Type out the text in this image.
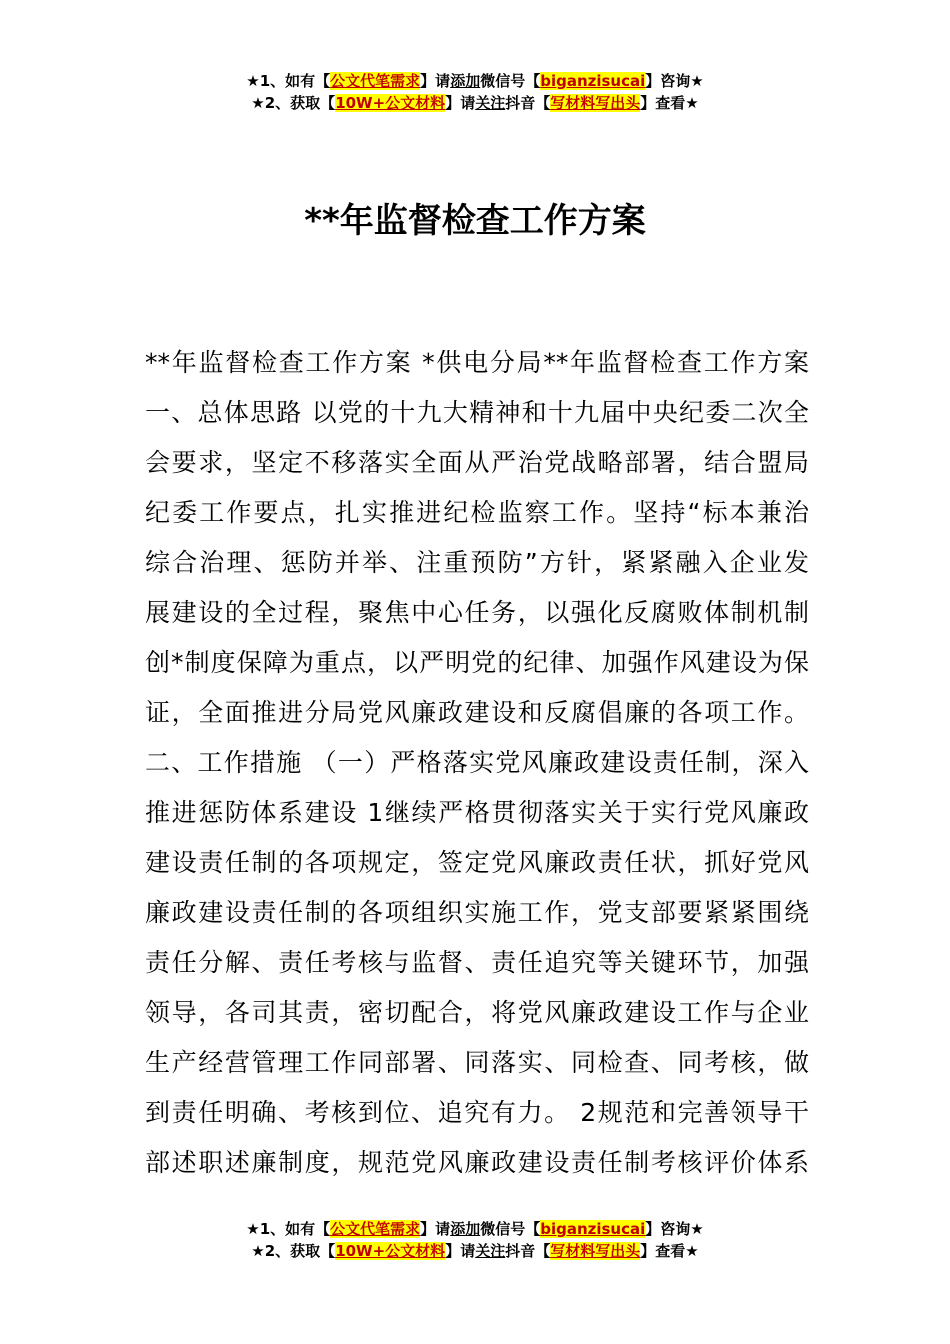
★1、如有【公文代笔需求】请添加微信号【biganzisucai】咨询★
★2、获取【10W+公文材料】请关注抖音【写材料写出头】查看★
**年监督检查工作方案
**年监督检查工作方案 *供电分局**年监督检查工作方案
一、总体思路 以党的十九大精神和十九届中央纪委二次全
会要求，坚定不移落实全面从严治党战略部署，结合盟局
纪委工作要点，扎实推进纪检监察工作。坚持“标本兼治
综合治理、惩防并举、注重预防”方针，紧紧融入企业发
展建设的全过程，聚焦中心任务，以强化反腐败体制机制
创*制度保障为重点，以严明党的纪律、加强作风建设为保
证，全面推进分局党风廉政建设和反腐倡廉的各项工作。
二、工作措施 （一）严格落实党风廉政建设责任制，深入
推进惩防体系建设 1继续严格贯彻落实关于实行党风廉政
建设责任制的各项规定，签定党风廉政责任状，抓好党风
廉政建设责任制的各项组织实施工作，党支部要紧紧围绕
责任分解、责任考核与监督、责任追究等关键环节，加强
领导，各司其责，密切配合，将党风廉政建设工作与企业
生产经营管理工作同部署、同落实、同检查、同考核，做
到责任明确、考核到位、追究有力。 2规范和完善领导干
部述职述廉制度，规范党风廉政建设责任制考核评价体系
★1、如有【公文代笔需求】请添加微信号【biganzisucai】咨询★
★2、获取【10W+公文材料】请关注抖音【写材料写出头】查看★
